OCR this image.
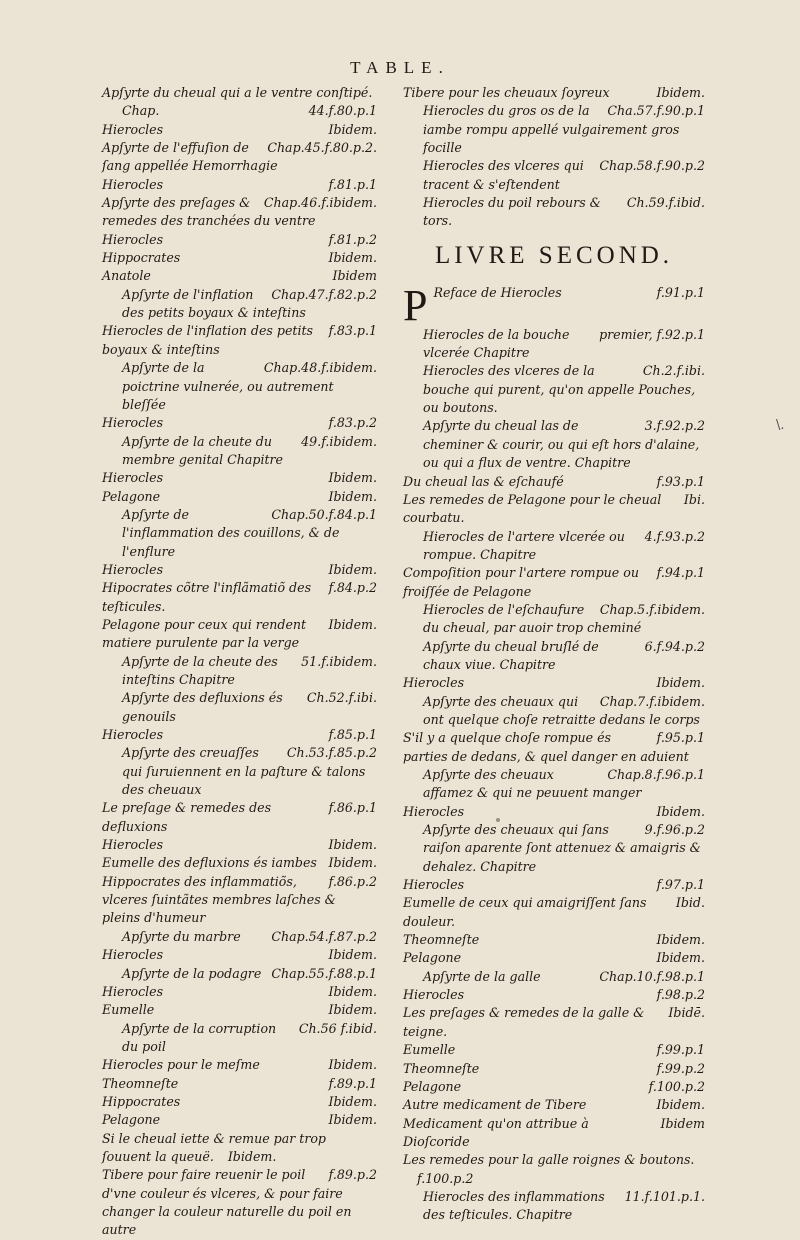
TABLE.
Apſyrte du cheual qui a le ventre conſtipé.
44.f.80.p.1
Chap.
Ibidem.
Hierocles
Chap.45.f.80.p.2.
Apſyrte de l'effuſion de ſang appellée Hemorrhagie
f.81.p.1
Hierocles
Chap.46.f.ibidem.
Apſyrte des preſages & remedes des tranchées du ventre
f.81.p.2
Hierocles
Ibidem.
Hippocrates
Ibidem
Anatole
Chap.47.f.82.p.2
Apſyrte de l'inflation des petits boyaux & inteſtins
f.83.p.1
Hierocles de l'inflation des petits boyaux & inteſtins
Chap.48.f.ibidem.
Apſyrte de la poictrine vulnerée, ou autrement bleſſée
f.83.p.2
Hierocles
49.f.ibidem.
Apſyrte de la cheute du membre genital Chapitre
Ibidem.
Hierocles
Ibidem.
Pelagone
Chap.50.f.84.p.1
Apſyrte de l'inflammation des couillons, & de l'enflure
Ibidem.
Hierocles
f.84.p.2
Hipocrates cõtre l'inflãmatiõ des teſticules.
Ibidem.
Pelagone pour ceux qui rendent matiere purulente par la verge
51.f.ibidem.
Apſyrte de la cheute des inteſtins Chapitre
Ch.52.f.ibi.
Apſyrte des defluxions és genouils
f.85.p.1
Hierocles
Ch.53.f.85.p.2
Apſyrte des creuaſſes qui ſuruiennent en la paſture & talons des cheuaux
f.86.p.1
Le preſage & remedes des defluxions
Ibidem.
Hierocles
Ibidem.
Eumelle des defluxions és iambes
f.86.p.2
Hippocrates des inflammatiõs, vlceres ſuintãtes membres laſches & pleins d'humeur
Chap.54.f.87.p.2
Apſyrte du marbre
Ibidem.
Hierocles
Chap.55.f.88.p.1
Apſyrte de la podagre
Ibidem.
Hierocles
Ibidem.
Eumelle
Ch.56 f.ibid.
Apſyrte de la corruption du poil
Ibidem.
Hierocles pour le meſme
f.89.p.1
Theomneſte
Ibidem.
Hippocrates
Ibidem.
Pelagone
Si le cheual iette & remue par trop ſouuent la queuë. Ibidem.
f.89.p.2
Tibere pour faire reuenir le poil d'vne couleur és vlceres, & pour faire changer la couleur naturelle du poil en autre
Ibidem.
Tibere pour les cheuaux ſoyreux
Cha.57.f.90.p.1
Hierocles du gros os de la iambe rompu appellé vulgairement gros focille
Chap.58.f.90.p.2
Hierocles des vlceres qui tracent & s'eſtendent
Ch.59.f.ibid.
Hierocles du poil rebours & tors.
LIVRE SECOND.
P	f.91.p.1
Reface de Hierocles
premier, f.92.p.1
Hierocles de la bouche vlcerée Chapitre
Ch.2.f.ibi.
Hierocles des vlceres de la bouche qui purent, qu'on appelle Pouches, ou boutons.
3.f.92.p.2
Apſyrte du cheual las de cheminer & courir, ou qui eſt hors d'alaine, ou qui a flux de ventre. Chapitre
f.93.p.1
Du cheual las & eſchaufé
Ibi.
Les remedes de Pelagone pour le cheual courbatu.
4.f.93.p.2
Hierocles de l'artere vlcerée ou rompue. Chapitre
f.94.p.1
Compoſition pour l'artere rompue ou froiſſée de Pelagone
Chap.5.f.ibidem.
Hierocles de l'eſchaufure du cheual, par auoir trop cheminé
6.f.94.p.2
Apſyrte du cheual bruſlé de chaux viue. Chapitre
Ibidem.
Hierocles
Chap.7.f.ibidem.
Apſyrte des cheuaux qui ont quelque choſe retraitte dedans le corps
f.95.p.1
S'il y a quelque choſe rompue és parties de dedans, & quel danger en aduient
Chap.8.f.96.p.1
Apſyrte des cheuaux affamez & qui ne peuuent manger
Ibidem.
Hierocles
9.f.96.p.2
Apſyrte des cheuaux qui ſans raiſon aparente ſont attenuez & amaigris & dehalez. Chapitre
f.97.p.1
Hierocles
Ibid.
Eumelle de ceux qui amaigriſſent ſans douleur.
Ibidem.
Theomneſte
Ibidem.
Pelagone
Chap.10.f.98.p.1
Apſyrte de la galle
f.98.p.2
Hierocles
Ibidē.
Les preſages & remedes de la galle & teigne.
f.99.p.1
Eumelle
f.99.p.2
Theomneſte
f.100.p.2
Pelagone
Ibidem.
Autre medicament de Tibere
Ibidem
Medicament qu'on attribue à Dioſcoride
Les remedes pour la galle roignes & boutons.f.100.p.2
11.f.101.p.1.
Hierocles des inflammations des teſticules. Chapitre
\.
